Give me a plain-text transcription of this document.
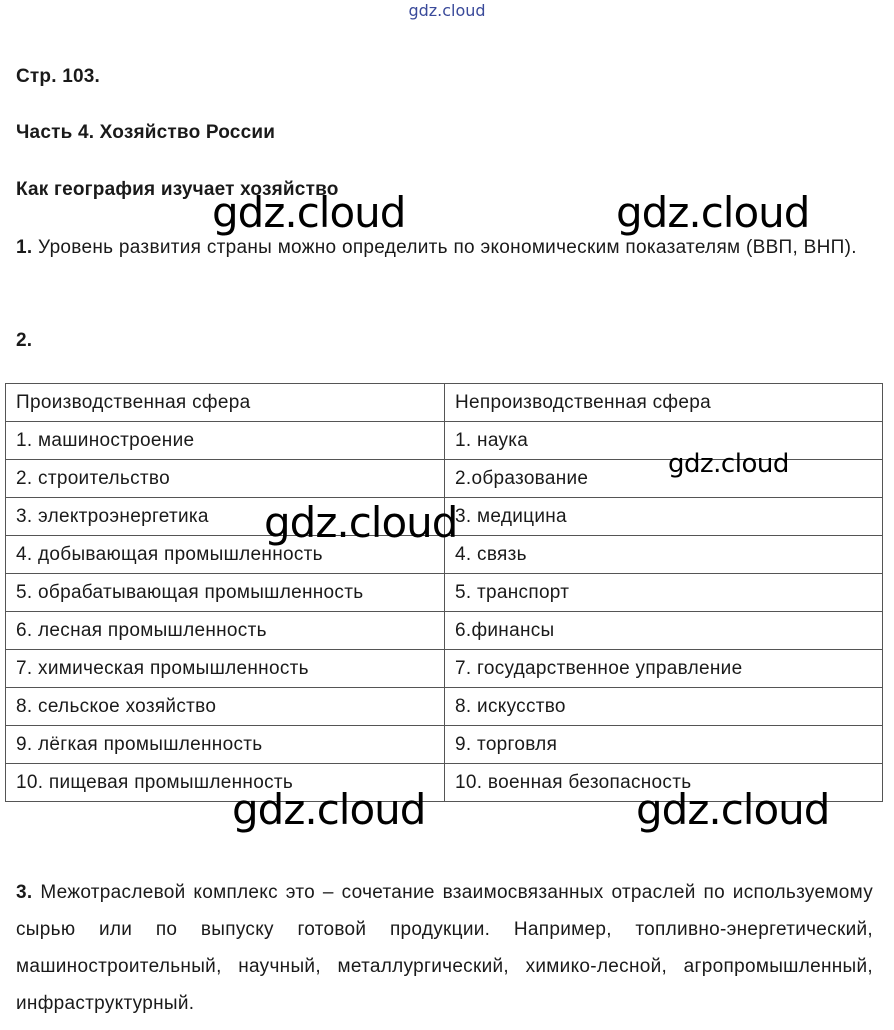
gdz.cloud
Стр. 103.
Часть 4. Хозяйство России
Как география изучает хозяйство
1. Уровень развития страны можно определить по экономическим показателям (ВВП, ВНП).
2.
Производственная сфера	Непроизводственная сфера
1. машиностроение	1. наука
2. строительство	2.образование
3. электроэнергетика	3. медицина
4. добывающая промышленность	4. связь
5. обрабатывающая промышленность	5. транспорт
6. лесная промышленность	6.финансы
7. химическая промышленность	7. государственное управление
8. сельское хозяйство	8. искусство
9. лёгкая промышленность	9. торговля
10. пищевая промышленность	10. военная безопасность
3. Межотраслевой комплекс это – сочетание взаимосвязанных отраслей по используемому сырью или по выпуску готовой продукции. Например, топливно-энергетический, машиностроительный, научный, металлургический, химико-лесной, агропромышленный, инфраструктурный.
gdz.cloud	gdz.cloud
gdz.cloud
gdz.cloud
gdz.cloud	gdz.cloud
